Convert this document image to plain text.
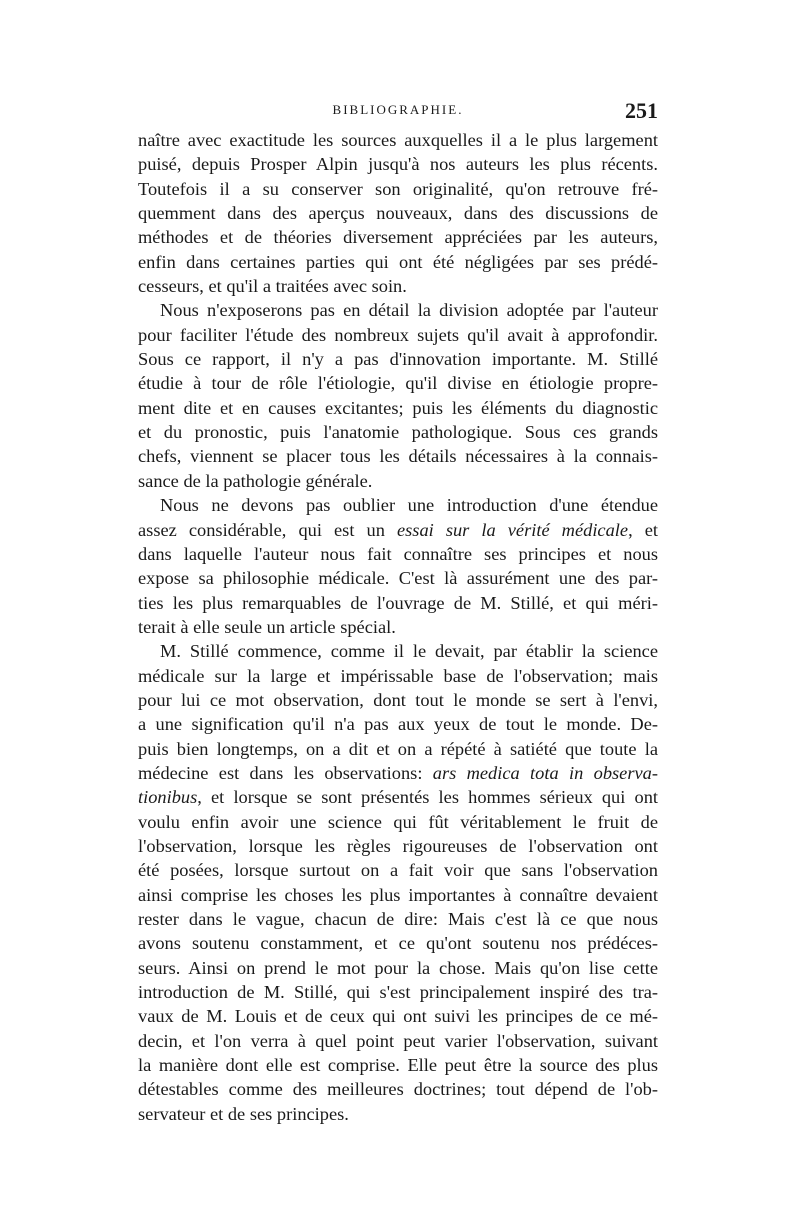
BIBLIOGRAPHIE.	251
naître avec exactitude les sources auxquelles il a le plus largement
puisé, depuis Prosper Alpin jusqu'à nos auteurs les plus récents.
Toutefois il a su conserver son originalité, qu'on retrouve fré-
quemment dans des aperçus nouveaux, dans des discussions de
méthodes et de théories diversement appréciées par les auteurs,
enfin dans certaines parties qui ont été négligées par ses prédé-
cesseurs, et qu'il a traitées avec soin.
Nous n'exposerons pas en détail la division adoptée par l'auteur
pour faciliter l'étude des nombreux sujets qu'il avait à approfondir.
Sous ce rapport, il n'y a pas d'innovation importante. M. Stillé
étudie à tour de rôle l'étiologie, qu'il divise en étiologie propre-
ment dite et en causes excitantes; puis les éléments du diagnostic
et du pronostic, puis l'anatomie pathologique. Sous ces grands
chefs, viennent se placer tous les détails nécessaires à la connais-
sance de la pathologie générale.
Nous ne devons pas oublier une introduction d'une étendue
assez considérable, qui est un essai sur la vérité médicale, et
dans laquelle l'auteur nous fait connaître ses principes et nous
expose sa philosophie médicale. C'est là assurément une des par-
ties les plus remarquables de l'ouvrage de M. Stillé, et qui méri-
terait à elle seule un article spécial.
M. Stillé commence, comme il le devait, par établir la science
médicale sur la large et impérissable base de l'observation; mais
pour lui ce mot observation, dont tout le monde se sert à l'envi,
a une signification qu'il n'a pas aux yeux de tout le monde. De-
puis bien longtemps, on a dit et on a répété à satiété que toute la
médecine est dans les observations: ars medica tota in observa-
tionibus, et lorsque se sont présentés les hommes sérieux qui ont
voulu enfin avoir une science qui fût véritablement le fruit de
l'observation, lorsque les règles rigoureuses de l'observation ont
été posées, lorsque surtout on a fait voir que sans l'observation
ainsi comprise les choses les plus importantes à connaître devaient
rester dans le vague, chacun de dire: Mais c'est là ce que nous
avons soutenu constamment, et ce qu'ont soutenu nos prédéces-
seurs. Ainsi on prend le mot pour la chose. Mais qu'on lise cette
introduction de M. Stillé, qui s'est principalement inspiré des tra-
vaux de M. Louis et de ceux qui ont suivi les principes de ce mé-
decin, et l'on verra à quel point peut varier l'observation, suivant
la manière dont elle est comprise. Elle peut être la source des plus
détestables comme des meilleures doctrines; tout dépend de l'ob-
servateur et de ses principes.
